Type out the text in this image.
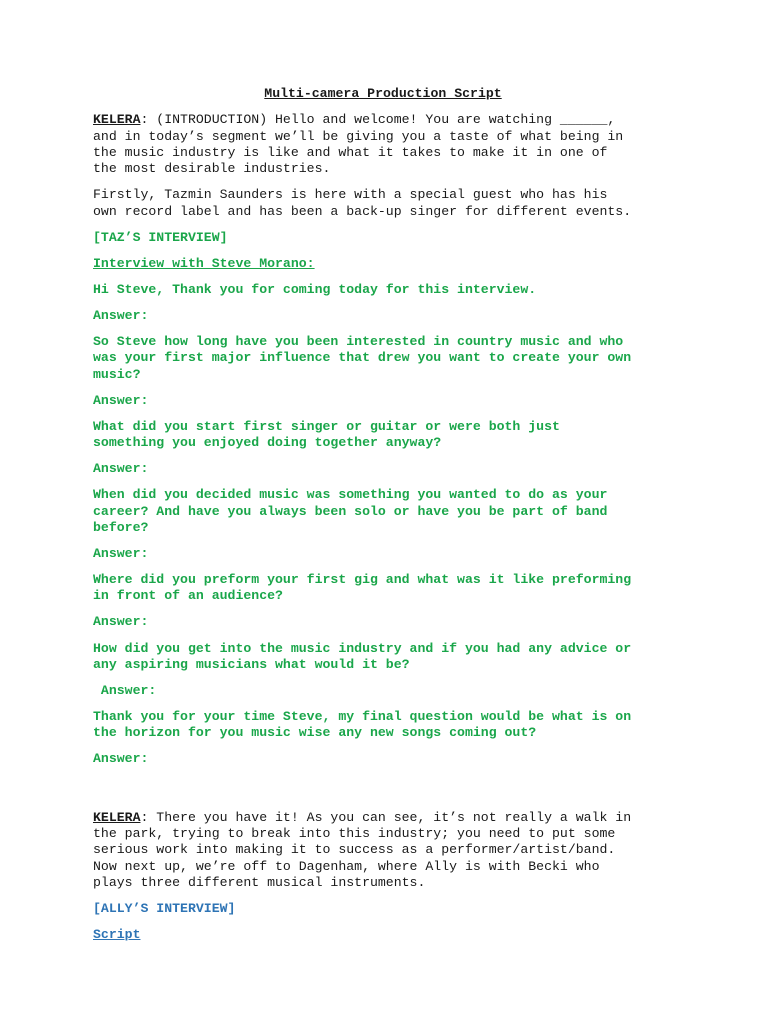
Multi-camera Production Script

KELERA: (INTRODUCTION) Hello and welcome! You are watching ______,
and in today’s segment we’ll be giving you a taste of what being in
the music industry is like and what it takes to make it in one of
the most desirable industries.

Firstly, Tazmin Saunders is here with a special guest who has his
own record label and has been a back-up singer for different events.

[TAZ’S INTERVIEW]

Interview with Steve Morano:

Hi Steve, Thank you for coming today for this interview.

Answer:

So Steve how long have you been interested in country music and who
was your first major influence that drew you want to create your own
music?

Answer:

What did you start first singer or guitar or were both just
something you enjoyed doing together anyway?

Answer:

When did you decided music was something you wanted to do as your
career? And have you always been solo or have you be part of band
before?

Answer:

Where did you preform your first gig and what was it like preforming
in front of an audience?

Answer:

How did you get into the music industry and if you had any advice or
any aspiring musicians what would it be?

Answer:

Thank you for your time Steve, my final question would be what is on
the horizon for you music wise any new songs coming out?

Answer:

KELERA: There you have it! As you can see, it’s not really a walk in
the park, trying to break into this industry; you need to put some
serious work into making it to success as a performer/artist/band.
Now next up, we’re off to Dagenham, where Ally is with Becki who
plays three different musical instruments.

[ALLY’S INTERVIEW]

Script
